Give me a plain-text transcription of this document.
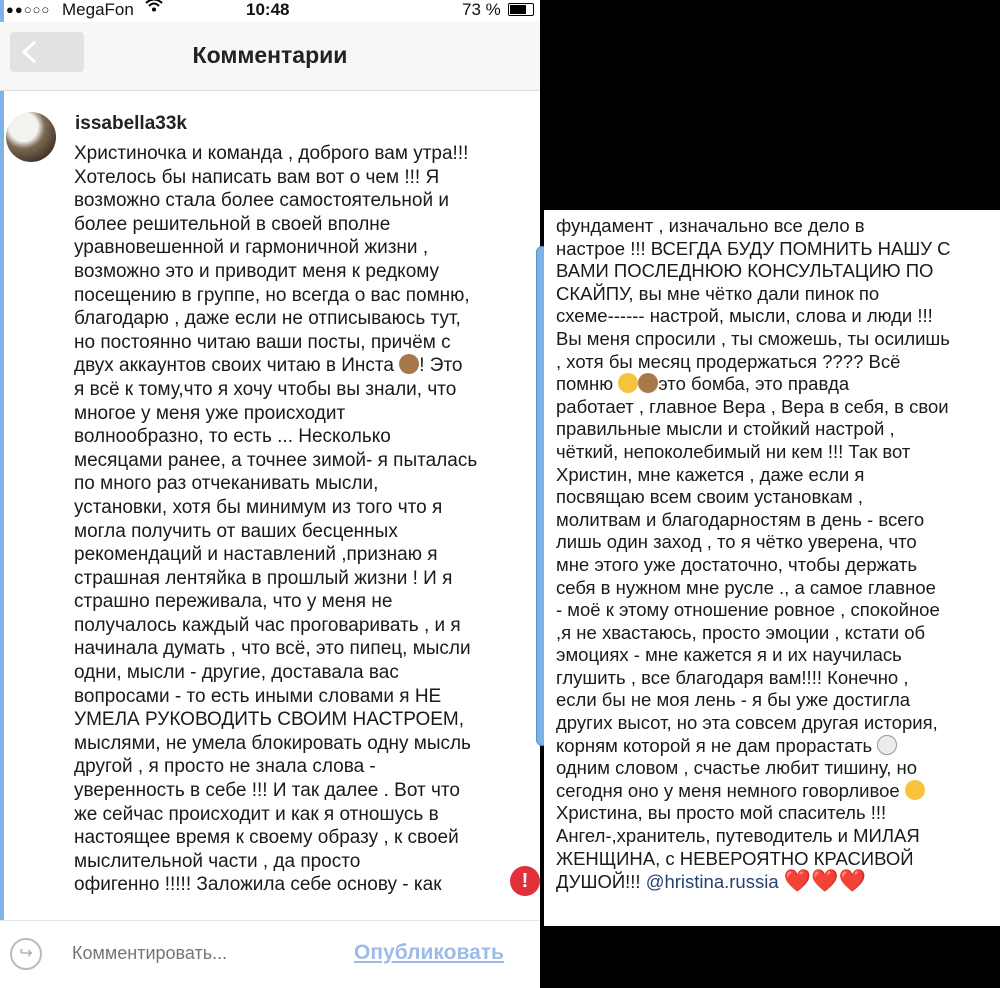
●●○○○ MegaFon	10:48	73 %
Комментарии
issabella33k
Христиночка и команда , доброго вам утра!!!
Хотелось бы написать вам вот о чем !!! Я
возможно стала более самостоятельной и
более решительной в своей вполне
уравновешенной и гармоничной жизни ,
возможно это и приводит меня к редкому
посещению в группе, но всегда о вас помню,
благодарю , даже если не отписываюсь тут,
но постоянно читаю ваши посты, причём с
двух аккаунтов своих читаю в Инста ! Это
я всё к тому,что я хочу чтобы вы знали, что
многое у меня уже происходит
волнообразно, то есть ... Несколько
месяцами ранее, а точнее зимой- я пыталась
по много раз отчеканивать мысли,
установки, хотя бы минимум из того что я
могла получить от ваших бесценных
рекомендаций и наставлений ,признаю я
страшная лентяйка в прошлый жизни ! И я
страшно переживала, что у меня не
получалось каждый час проговаривать , и я
начинала думать , что всё, это пипец, мысли
одни, мысли - другие, доставала вас
вопросами - то есть иными словами я НЕ
УМЕЛА РУКОВОДИТЬ СВОИМ НАСТРОЕМ,
мыслями, не умела блокировать одну мысль
другой , я просто не знала слова -
уверенность в себе !!! И так далее . Вот что
же сейчас происходит и как я отношусь в
настоящее время к своему образу , к своей
мыслительной части , да просто
офигенно !!!!! Заложила себе основу - как	!
↪
Комментировать...	Опубликовать
фундамент , изначально все дело в
настрое !!! ВСЕГДА БУДУ ПОМНИТЬ НАШУ С
ВАМИ ПОСЛЕДНЮЮ КОНСУЛЬТАЦИЮ ПО
СКАЙПУ, вы мне чётко дали пинок по
схеме------ настрой, мысли, слова и люди !!!
Вы меня спросили , ты сможешь, ты осилишь
, хотя бы месяц продержаться ???? Всё
помню это бомба, это правда
работает , главное Вера , Вера в себя, в свои
правильные мысли и стойкий настрой ,
чёткий, непоколебимый ни кем !!! Так вот
Христин, мне кажется , даже если я
посвящаю всем своим установкам ,
молитвам и благодарностям в день - всего
лишь один заход , то я чётко уверена, что
мне этого уже достаточно, чтобы держать
себя в нужном мне русле ., а самое главное
- моё к этому отношение ровное , спокойное
,я не хвастаюсь, просто эмоции , кстати об
эмоциях - мне кажется я и их научилась
глушить , все благодаря вам!!!! Конечно ,
если бы не моя лень - я бы уже достигла
других высот, но эта совсем другая история,
корням которой я не дам прорастать
одним словом , счастье любит тишину, но
сегодня оно у меня немного говорливое
Христина, вы просто мой спаситель !!!
Ангел-,хранитель, путеводитель и МИЛАЯ
ЖЕНЩИНА, с НЕВЕРОЯТНО КРАСИВОЙ
ДУШОЙ!!! @hristina.russia ❤️❤️❤️
